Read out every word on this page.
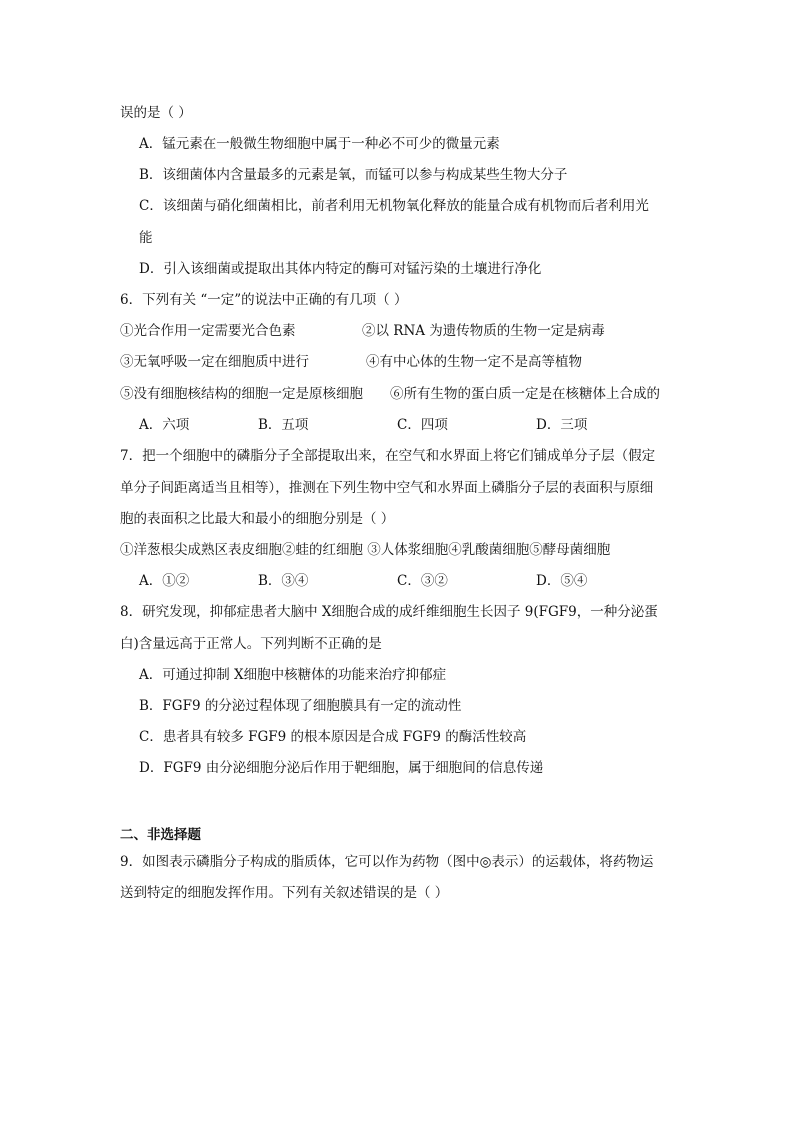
误的是（ ）
A．锰元素在一般微生物细胞中属于一种必不可少的微量元素
B．该细菌体内含量最多的元素是氧，而锰可以参与构成某些生物大分子
C．该细菌与硝化细菌相比，前者利用无机物氧化释放的能量合成有机物而后者利用光
能
D．引入该细菌或提取出其体内特定的酶可对锰污染的土壤进行净化
6．下列有关 “一定”的说法中正确的有几项（ ）
①光合作用一定需要光合色素	②以 RNA 为遗传物质的生物一定是病毒
③无氧呼吸一定在细胞质中进行	④有中心体的生物一定不是高等植物
⑤没有细胞核结构的细胞一定是原核细胞 ⑥所有生物的蛋白质一定是在核糖体上合成的
A．六项	B．五项	C．四项	D．三项
7．把一个细胞中的磷脂分子全部提取出来，在空气和水界面上将它们铺成单分子层（假定
单分子间距离适当且相等），推测在下列生物中空气和水界面上磷脂分子层的表面积与原细
胞的表面积之比最大和最小的细胞分别是（ ）
①洋葱根尖成熟区表皮细胞②蛙的红细胞 ③人体浆细胞④乳酸菌细胞⑤酵母菌细胞
A．①②	B．③④	C．③②	D．⑤④
8．研究发现，抑郁症患者大脑中 X细胞合成的成纤维细胞生长因子 9(FGF9，一种分泌蛋
白)含量远高于正常人。下列判断不正确的是
A．可通过抑制 X细胞中核糖体的功能来治疗抑郁症
B．FGF9 的分泌过程体现了细胞膜具有一定的流动性
C．患者具有较多 FGF9 的根本原因是合成 FGF9 的酶活性较高
D．FGF9 由分泌细胞分泌后作用于靶细胞，属于细胞间的信息传递
二、非选择题
9．如图表示磷脂分子构成的脂质体，它可以作为药物（图中◎表示）的运载体，将药物运
送到特定的细胞发挥作用。下列有关叙述错误的是（ ）
